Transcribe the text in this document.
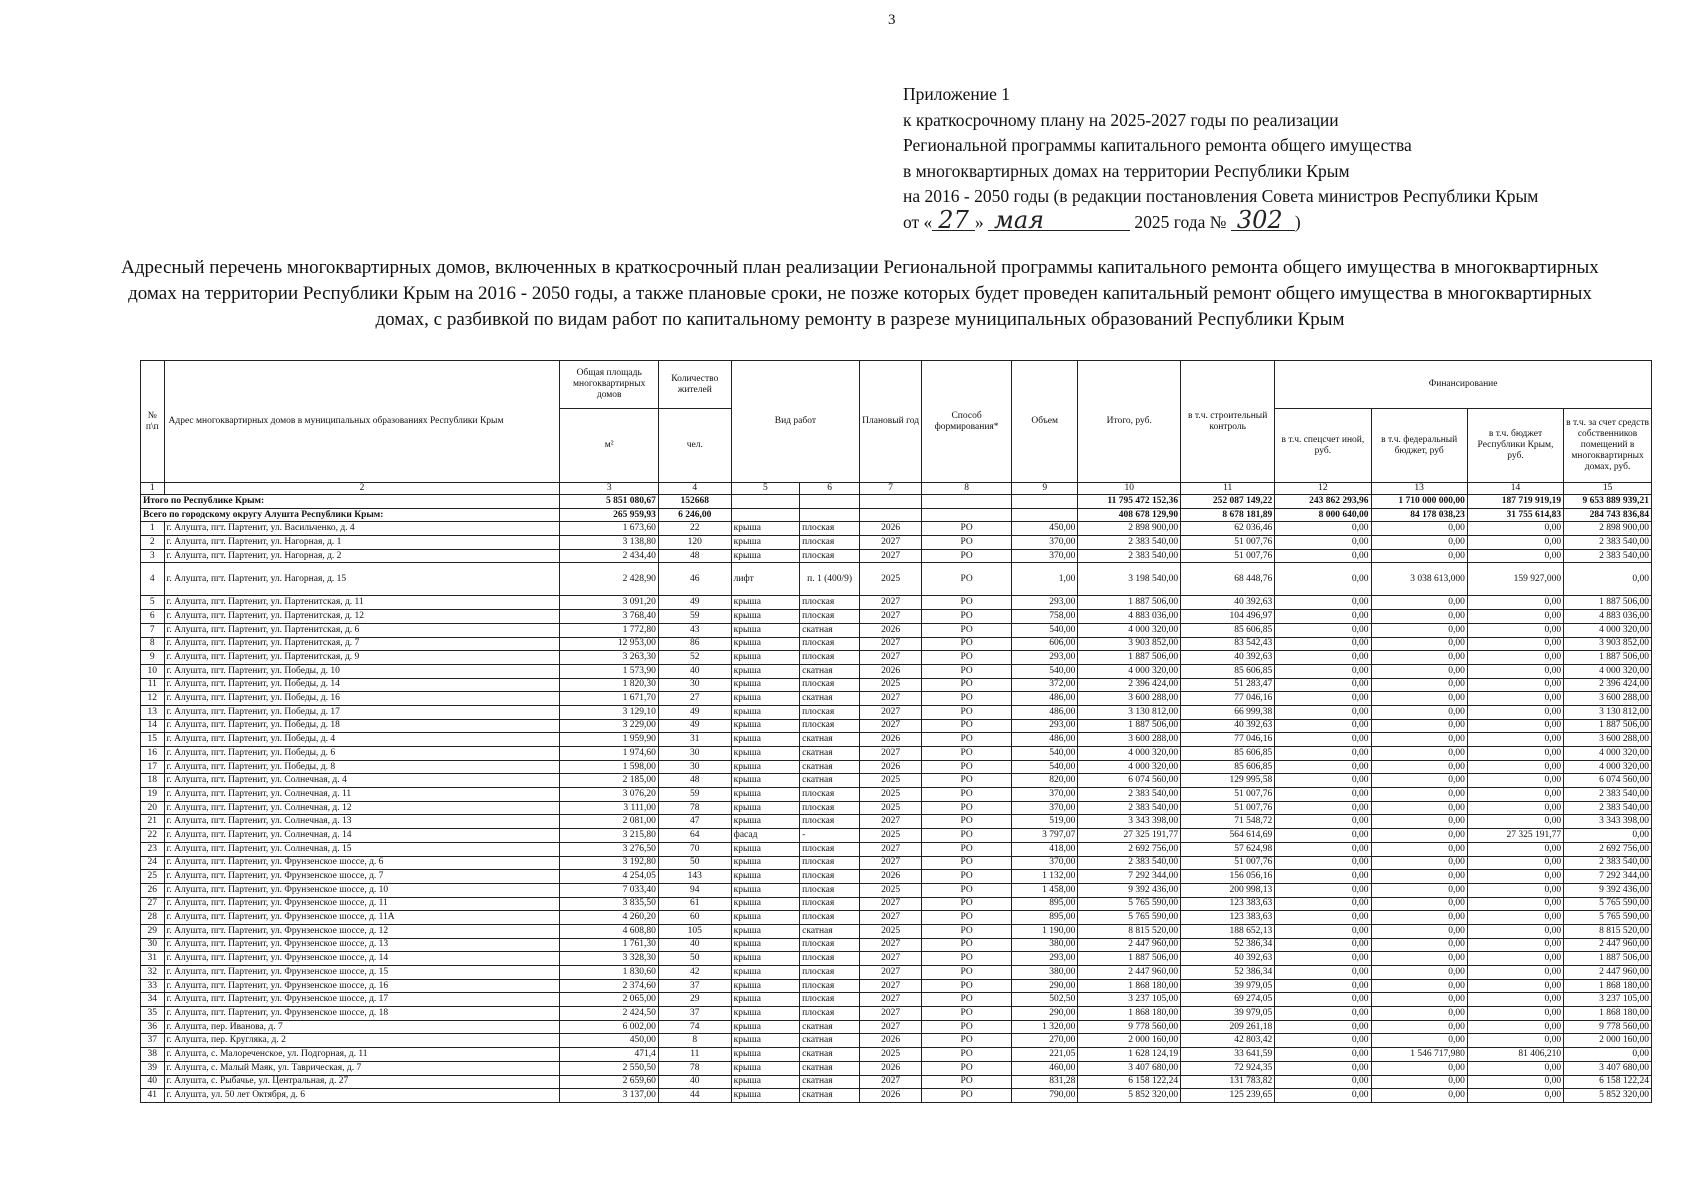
3
Приложение 1
к краткосрочному плану на 2025-2027 годы по реализации
Региональной программы капитального ремонта общего имущества
в многоквартирных домах на территории Республики Крым
на 2016 - 2050 годы (в редакции постановления Совета министров Республики Крым
от « 27 » мая	2025 года № 302 )
Адресный перечень многоквартирных домов, включенных в краткосрочный план реализации Региональной программы капитального ремонта общего имущества в многоквартирных домах на территории Республики Крым на 2016 - 2050 годы, а также плановые сроки, не позже которых будет проведен капитальный ремонт общего имущества в многоквартирных домах, с разбивкой по видам работ по капитальному ремонту в разрезе муниципальных образований Республики Крым
№ п\п	Адрес многоквартирных домов в муниципальных образованиях Республики Крым	Общая площадь многоквартирных домов	Количество жителей	Вид работ		Плановый год	Способ формирования*	Объем	Итого, руб.	в т.ч. строительный контроль	Финансирование			
		м²	чел.								в т.ч. спецсчет иной, руб.	в т.ч. федеральный бюджет, руб	в т.ч. бюджет Республики Крым, руб.	в т.ч. за счет средств собственников помещений в многоквартирных домах, руб.
1	2	3	4	5	6	7	8	9	10	11	12	13	14	15
Итого по Республике Крым:		5 851 080,67	152668						11 795 472 152,36	252 087 149,22	243 862 293,96	1 710 000 000,00	187 719 919,19	9 653 889 939,21
Всего по городскому округу Алушта Республики Крым:		265 959,93	6 246,00						408 678 129,90	8 678 181,89	8 000 640,00	84 178 038,23	31 755 614,83	284 743 836,84
1	г. Алушта, пгт. Партенит, ул. Васильченко, д. 4	1 673,60	22	крыша	плоская	2026	РО	450,00	2 898 900,00	62 036,46	0,00	0,00	0,00	2 898 900,00
2	г. Алушта, пгт. Партенит, ул. Нагорная, д. 1	3 138,80	120	крыша	плоская	2027	РО	370,00	2 383 540,00	51 007,76	0,00	0,00	0,00	2 383 540,00
3	г. Алушта, пгт. Партенит, ул. Нагорная, д. 2	2 434,40	48	крыша	плоская	2027	РО	370,00	2 383 540,00	51 007,76	0,00	0,00	0,00	2 383 540,00
4	г. Алушта, пгт. Партенит, ул. Нагорная, д. 15	2 428,90	46	лифт	п. 1 (400/9)	2025	РО	1,00	3 198 540,00	68 448,76	0,00	3 038 613,000	159 927,000	0,00
5	г. Алушта, пгт. Партенит, ул. Партенитская, д. 11	3 091,20	49	крыша	плоская	2027	РО	293,00	1 887 506,00	40 392,63	0,00	0,00	0,00	1 887 506,00
6	г. Алушта, пгт. Партенит, ул. Партенитская, д. 12	3 768,40	59	крыша	плоская	2027	РО	758,00	4 883 036,00	104 496,97	0,00	0,00	0,00	4 883 036,00
7	г. Алушта, пгт. Партенит, ул. Партенитская, д. 6	1 772,80	43	крыша	скатная	2026	РО	540,00	4 000 320,00	85 606,85	0,00	0,00	0,00	4 000 320,00
8	г. Алушта, пгт. Партенит, ул. Партенитская, д. 7	12 953,00	86	крыша	плоская	2027	РО	606,00	3 903 852,00	83 542,43	0,00	0,00	0,00	3 903 852,00
9	г. Алушта, пгт. Партенит, ул. Партенитская, д. 9	3 263,30	52	крыша	плоская	2027	РО	293,00	1 887 506,00	40 392,63	0,00	0,00	0,00	1 887 506,00
10	г. Алушта, пгт. Партенит, ул. Победы, д. 10	1 573,90	40	крыша	скатная	2026	РО	540,00	4 000 320,00	85 606,85	0,00	0,00	0,00	4 000 320,00
11	г. Алушта, пгт. Партенит, ул. Победы, д. 14	1 820,30	30	крыша	плоская	2025	РО	372,00	2 396 424,00	51 283,47	0,00	0,00	0,00	2 396 424,00
12	г. Алушта, пгт. Партенит, ул. Победы, д. 16	1 671,70	27	крыша	скатная	2027	РО	486,00	3 600 288,00	77 046,16	0,00	0,00	0,00	3 600 288,00
13	г. Алушта, пгт. Партенит, ул. Победы, д. 17	3 129,10	49	крыша	плоская	2027	РО	486,00	3 130 812,00	66 999,38	0,00	0,00	0,00	3 130 812,00
14	г. Алушта, пгт. Партенит, ул. Победы, д. 18	3 229,00	49	крыша	плоская	2027	РО	293,00	1 887 506,00	40 392,63	0,00	0,00	0,00	1 887 506,00
15	г. Алушта, пгт. Партенит, ул. Победы, д. 4	1 959,90	31	крыша	скатная	2026	РО	486,00	3 600 288,00	77 046,16	0,00	0,00	0,00	3 600 288,00
16	г. Алушта, пгт. Партенит, ул. Победы, д. 6	1 974,60	30	крыша	скатная	2027	РО	540,00	4 000 320,00	85 606,85	0,00	0,00	0,00	4 000 320,00
17	г. Алушта, пгт. Партенит, ул. Победы, д. 8	1 598,00	30	крыша	скатная	2026	РО	540,00	4 000 320,00	85 606,85	0,00	0,00	0,00	4 000 320,00
18	г. Алушта, пгт. Партенит, ул. Солнечная, д. 4	2 185,00	48	крыша	скатная	2025	РО	820,00	6 074 560,00	129 995,58	0,00	0,00	0,00	6 074 560,00
19	г. Алушта, пгт. Партенит, ул. Солнечная, д. 11	3 076,20	59	крыша	плоская	2025	РО	370,00	2 383 540,00	51 007,76	0,00	0,00	0,00	2 383 540,00
20	г. Алушта, пгт. Партенит, ул. Солнечная, д. 12	3 111,00	78	крыша	плоская	2025	РО	370,00	2 383 540,00	51 007,76	0,00	0,00	0,00	2 383 540,00
21	г. Алушта, пгт. Партенит, ул. Солнечная, д. 13	2 081,00	47	крыша	плоская	2027	РО	519,00	3 343 398,00	71 548,72	0,00	0,00	0,00	3 343 398,00
22	г. Алушта, пгт. Партенит, ул. Солнечная, д. 14	3 215,80	64	фасад	-	2025	РО	3 797,07	27 325 191,77	564 614,69	0,00	0,00	27 325 191,77	0,00
23	г. Алушта, пгт. Партенит, ул. Солнечная, д. 15	3 276,50	70	крыша	плоская	2027	РО	418,00	2 692 756,00	57 624,98	0,00	0,00	0,00	2 692 756,00
24	г. Алушта, пгт. Партенит, ул. Фрунзенское шоссе, д. 6	3 192,80	50	крыша	плоская	2027	РО	370,00	2 383 540,00	51 007,76	0,00	0,00	0,00	2 383 540,00
25	г. Алушта, пгт. Партенит, ул. Фрунзенское шоссе, д. 7	4 254,05	143	крыша	плоская	2026	РО	1 132,00	7 292 344,00	156 056,16	0,00	0,00	0,00	7 292 344,00
26	г. Алушта, пгт. Партенит, ул. Фрунзенское шоссе, д. 10	7 033,40	94	крыша	плоская	2025	РО	1 458,00	9 392 436,00	200 998,13	0,00	0,00	0,00	9 392 436,00
27	г. Алушта, пгт. Партенит, ул. Фрунзенское шоссе, д. 11	3 835,50	61	крыша	плоская	2027	РО	895,00	5 765 590,00	123 383,63	0,00	0,00	0,00	5 765 590,00
28	г. Алушта, пгт. Партенит, ул. Фрунзенское шоссе, д. 11А	4 260,20	60	крыша	плоская	2027	РО	895,00	5 765 590,00	123 383,63	0,00	0,00	0,00	5 765 590,00
29	г. Алушта, пгт. Партенит, ул. Фрунзенское шоссе, д. 12	4 608,80	105	крыша	скатная	2025	РО	1 190,00	8 815 520,00	188 652,13	0,00	0,00	0,00	8 815 520,00
30	г. Алушта, пгт. Партенит, ул. Фрунзенское шоссе, д. 13	1 761,30	40	крыша	плоская	2027	РО	380,00	2 447 960,00	52 386,34	0,00	0,00	0,00	2 447 960,00
31	г. Алушта, пгт. Партенит, ул. Фрунзенское шоссе, д. 14	3 328,30	50	крыша	плоская	2027	РО	293,00	1 887 506,00	40 392,63	0,00	0,00	0,00	1 887 506,00
32	г. Алушта, пгт. Партенит, ул. Фрунзенское шоссе, д. 15	1 830,60	42	крыша	плоская	2027	РО	380,00	2 447 960,00	52 386,34	0,00	0,00	0,00	2 447 960,00
33	г. Алушта, пгт. Партенит, ул. Фрунзенское шоссе, д. 16	2 374,60	37	крыша	плоская	2027	РО	290,00	1 868 180,00	39 979,05	0,00	0,00	0,00	1 868 180,00
34	г. Алушта, пгт. Партенит, ул. Фрунзенское шоссе, д. 17	2 065,00	29	крыша	плоская	2027	РО	502,50	3 237 105,00	69 274,05	0,00	0,00	0,00	3 237 105,00
35	г. Алушта, пгт. Партенит, ул. Фрунзенское шоссе, д. 18	2 424,50	37	крыша	плоская	2027	РО	290,00	1 868 180,00	39 979,05	0,00	0,00	0,00	1 868 180,00
36	г. Алушта, пер. Иванова, д. 7	6 002,00	74	крыша	скатная	2027	РО	1 320,00	9 778 560,00	209 261,18	0,00	0,00	0,00	9 778 560,00
37	г. Алушта, пер. Кругляка, д. 2	450,00	8	крыша	скатная	2026	РО	270,00	2 000 160,00	42 803,42	0,00	0,00	0,00	2 000 160,00
38	г. Алушта, с. Малореченское, ул. Подгорная, д. 11	471,4	11	крыша	скатная	2025	РО	221,05	1 628 124,19	33 641,59	0,00	1 546 717,980	81 406,210	0,00
39	г. Алушта, с. Малый Маяк, ул. Таврическая, д. 7	2 550,50	78	крыша	скатная	2026	РО	460,00	3 407 680,00	72 924,35	0,00	0,00	0,00	3 407 680,00
40	г. Алушта, с. Рыбачье, ул. Центральная, д. 27	2 659,60	40	крыша	скатная	2027	РО	831,28	6 158 122,24	131 783,82	0,00	0,00	0,00	6 158 122,24
41	г. Алушта, ул. 50 лет Октября, д. 6	3 137,00	44	крыша	скатная	2026	РО	790,00	5 852 320,00	125 239,65	0,00	0,00	0,00	5 852 320,00
